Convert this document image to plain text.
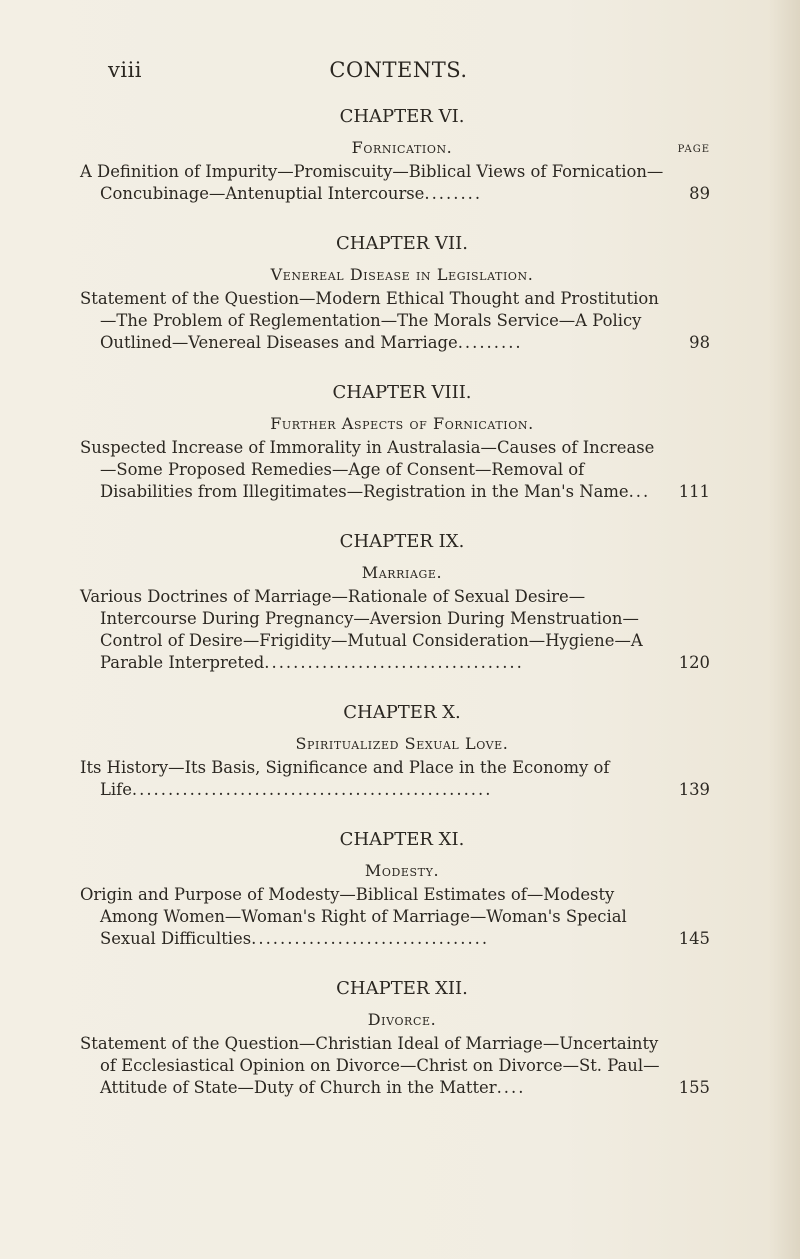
viii	CONTENTS.
CHAPTER VI.
Fornication.	PAGE
A Definition of Impurity—Promiscuity—Biblical Views of Fornication—Concubinage—Antenuptial Intercourse........	89
CHAPTER VII.
Venereal Disease in Legislation.
Statement of the Question—Modern Ethical Thought and Prostitution—The Problem of Reglementation—The Morals Service—A Policy Outlined—Venereal Diseases and Marriage.........	98
CHAPTER VIII.
Further Aspects of Fornication.
Suspected Increase of Immorality in Australasia—Causes of Increase—Some Proposed Remedies—Age of Consent—Removal of Disabilities from Illegitimates—Registration in the Man's Name...	111
CHAPTER IX.
Marriage.
Various Doctrines of Marriage—Rationale of Sexual Desire—Intercourse During Pregnancy—Aversion During Menstruation—Control of Desire—Frigidity—Mutual Consideration—Hygiene—A Parable Interpreted....................................	120
CHAPTER X.
Spiritualized Sexual Love.
Its History—Its Basis, Significance and Place in the Economy of Life..................................................	139
CHAPTER XI.
Modesty.
Origin and Purpose of Modesty—Biblical Estimates of—Modesty Among Women—Woman's Right of Marriage—Woman's Special Sexual Difficulties.................................	145
CHAPTER XII.
Divorce.
Statement of the Question—Christian Ideal of Marriage—Uncertainty of Ecclesiastical Opinion on Divorce—Christ on Divorce—St. Paul—Attitude of State—Duty of Church in the Matter....	155
